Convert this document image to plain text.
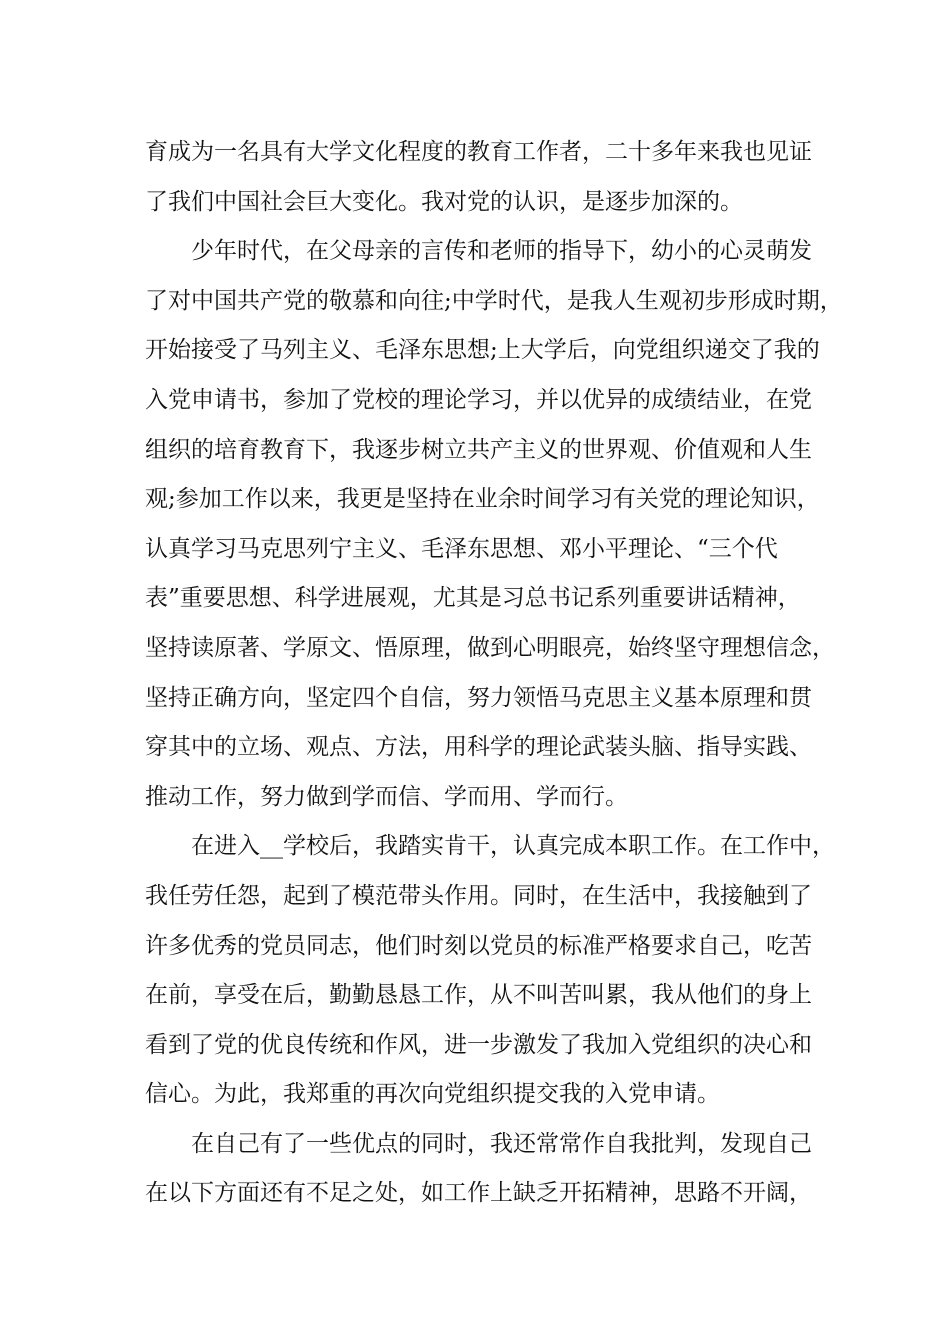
育成为一名具有大学文化程度的教育工作者，二十多年来我也见证
了我们中国社会巨大变化。我对党的认识，是逐步加深的。
少年时代，在父母亲的言传和老师的指导下，幼小的心灵萌发
了对中国共产党的敬慕和向往;中学时代，是我人生观初步形成时期，
开始接受了马列主义、毛泽东思想;上大学后，向党组织递交了我的
入党申请书，参加了党校的理论学习，并以优异的成绩结业，在党
组织的培育教育下，我逐步树立共产主义的世界观、价值观和人生
观;参加工作以来，我更是坚持在业余时间学习有关党的理论知识，
认真学习马克思列宁主义、毛泽东思想、邓小平理论、“三个代
表”重要思想、科学进展观，尤其是习总书记系列重要讲话精神，
坚持读原著、学原文、悟原理，做到心明眼亮，始终坚守理想信念，
坚持正确方向，坚定四个自信，努力领悟马克思主义基本原理和贯
穿其中的立场、观点、方法，用科学的理论武装头脑、指导实践、
推动工作，努力做到学而信、学而用、学而行。
在进入__学校后，我踏实肯干，认真完成本职工作。在工作中，
我任劳任怨，起到了模范带头作用。同时，在生活中，我接触到了
许多优秀的党员同志，他们时刻以党员的标准严格要求自己，吃苦
在前，享受在后，勤勤恳恳工作，从不叫苦叫累，我从他们的身上
看到了党的优良传统和作风，进一步激发了我加入党组织的决心和
信心。为此，我郑重的再次向党组织提交我的入党申请。
在自己有了一些优点的同时，我还常常作自我批判，发现自己
在以下方面还有不足之处，如工作上缺乏开拓精神，思路不开阔，
